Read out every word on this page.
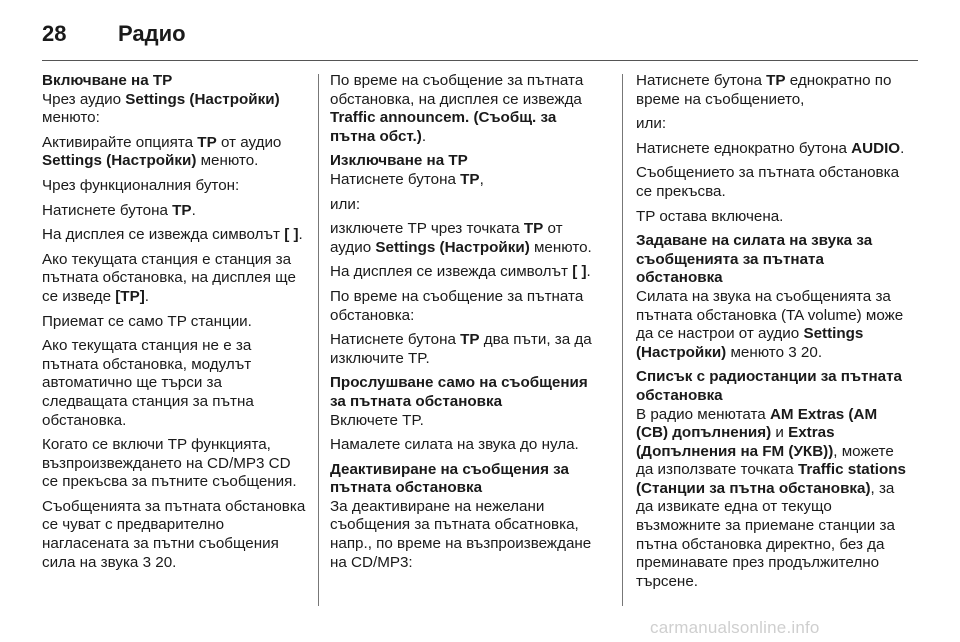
28	Радио
Включване на TP

Чрез аудио Settings (Настройки) менюто:

Активирайте опцията TP от аудио Settings (Настройки) менюто.

Чрез функционалния бутон:

Натиснете бутона TP.

На дисплея се извежда символът [ ].

Ако текущата станция е станция за пътната обстановка, на дисплея ще се изведе [TP].

Приемат се само TP станции.

Ако текущата станция не е за пътната обстановка, модулът автоматично ще търси за следващата станция за пътна обстановка.

Когато се включи TP функцията, възпроизвеждането на CD/MP3 CD се прекъсва за пътните съобщения.

Съобщенията за пътната обстановка се чуват с предварително нагласената за пътни съобщения сила на звука 3 20.

По време на съобщение за пътната обстановка, на дисплея се извежда Traffic announcem. (Съобщ. за пътна обст.).

Изключване на TP

Натиснете бутона TP,

или:

изключете TP чрез точката TP от аудио Settings (Настройки) менюто.

На дисплея се извежда символът [ ].

По време на съобщение за пътната обстановка:

Натиснете бутона TP два пъти, за да изключите TP.

Прослушване само на съобщения за пътната обстановка

Включете TP.

Намалете силата на звука до нула.

Деактивиране на съобщения за пътната обстановка

За деактивиране на нежелани съобщения за пътната обсатновка, напр., по време на възпроизвеждане на CD/MP3:

Натиснете бутона TP еднократно по време на съобщението,

или:

Натиснете еднократно бутона AUDIO.

Съобщението за пътната обстановка се прекъсва.

TP остава включена.

Задаване на силата на звука за съобщенията за пътната обстановка

Силата на звука на съобщенията за пътната обстановка (TA volume) може да се настрои от аудио Settings (Настройки) менюто 3 20.

Списък с радиостанции за пътната обстановка

В радио менютата AM Extras (AM (CB) допълнения) и Extras (Допълнения на FM (УКВ)), можете да използвате точката Traffic stations (Станции за пътна обстановка), за да извикате една от текущо възможните за приемане станции за пътна обстановка директно, без да преминавате през продължително търсене.

carmanualsonline.info
